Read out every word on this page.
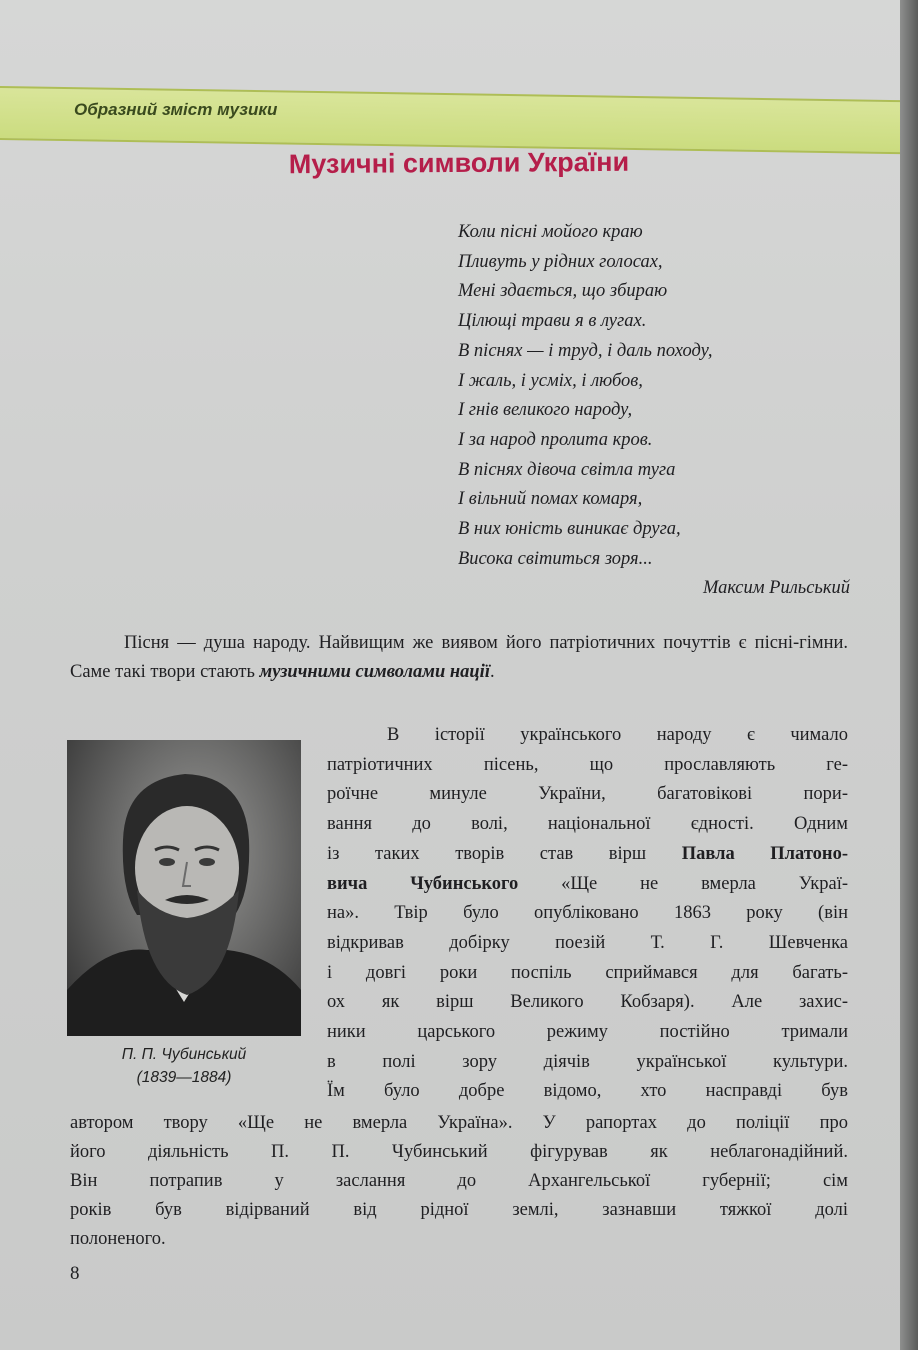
Образний зміст музики
Музичні символи України
Коли пісні мойого краю
Пливуть у рідних голосах,
Мені здається, що збираю
Цілющі трави я в лугах.
В піснях — і труд, і даль походу,
І жаль, і усміх, і любов,
І гнів великого народу,
І за народ пролита кров.
В піснях дівоча світла туга
І вільний помах комаря,
В них юність виникає друга,
Висока світиться зоря...
Максим Рильський
Пісня — душа народу. Найвищим же виявом його патріотичних почуттів є пісні-гімни. Саме такі твори стають музичними символами нації.
П. П. Чубинський
(1839—1884)
В історії українського народу є чимало
патріотичних пісень, що прославляють ге-
роїчне минуле України, багатовікові пори-
вання до волі, національної єдності. Одним
із таких творів став вірш Павла Платоно-
вича Чубинського «Ще не вмерла Украї-
на». Твір було опубліковано 1863 року (він
відкривав добірку поезій Т. Г. Шевченка
і довгі роки поспіль сприймався для багать-
ох як вірш Великого Кобзаря). Але захис-
ники царського режиму постійно тримали
в полі зору діячів української культури.
Їм було добре відомо, хто насправді був
автором твору «Ще не вмерла Україна». У рапортах до поліції про
його діяльність П. П. Чубинський фігурував як неблагонадійний.
Він потрапив у заслання до Архангельської губернії; сім
років був відірваний від рідної землі, зазнавши тяжкої долі
полоненого.
8
